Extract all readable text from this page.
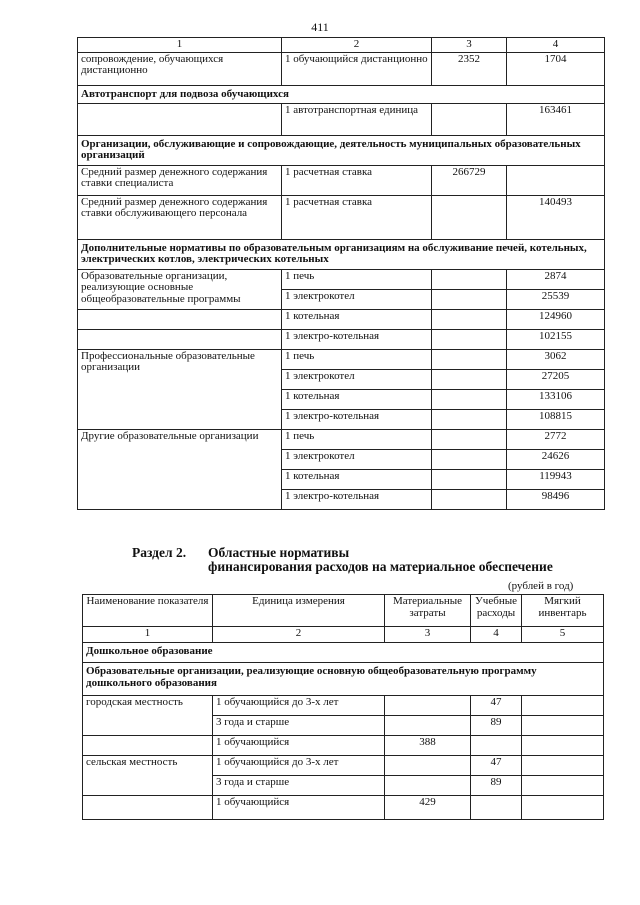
411
1	2	3	4
сопровождение, обучающихся дистанционно	1 обучающийся дистанционно	2352	1704
Автотранспорт для подвоза обучающихся			
	1 автотранспортная единица		163461
Организации, обслуживающие и сопровождающие, деятельность муниципальных образовательных организаций			
Средний размер денежного содержания ставки специалиста	1 расчетная ставка	266729	
Средний размер денежного содержания ставки обслуживающего персонала	1 расчетная ставка		140493
Дополнительные нормативы по образовательным организациям на обслуживание печей, котельных, электрических котлов, электрических котельных			
Образовательные организации, реализующие основные общеобразовательные программы	1 печь		2874
	1 электрокотел		25539
	1 котельная		124960
	1 электро-котельная		102155
Профессиональные образовательные организации	1 печь		3062
	1 электрокотел		27205
	1 котельная		133106
	1 электро-котельная		108815
Другие образовательные организации	1 печь		2772
	1 электрокотел		24626
	1 котельная		119943
	1 электро-котельная		98496
Раздел 2. Областные нормативы
финансирования расходов на материальное обеспечение
(рублей в год)
Наименование показателя	Единица измерения	Материальные затраты	Учебные расходы	Мягкий инвентарь
1	2	3	4	5
Дошкольное образование				
Образовательные организации, реализующие основную общеобразовательную программу дошкольного образования				
городская местность	1 обучающийся до 3-х лет		47	
	3 года и старше		89	
	1 обучающийся	388		
сельская местность	1 обучающийся до 3-х лет		47	
	3 года и старше		89	
	1 обучающийся	429		
